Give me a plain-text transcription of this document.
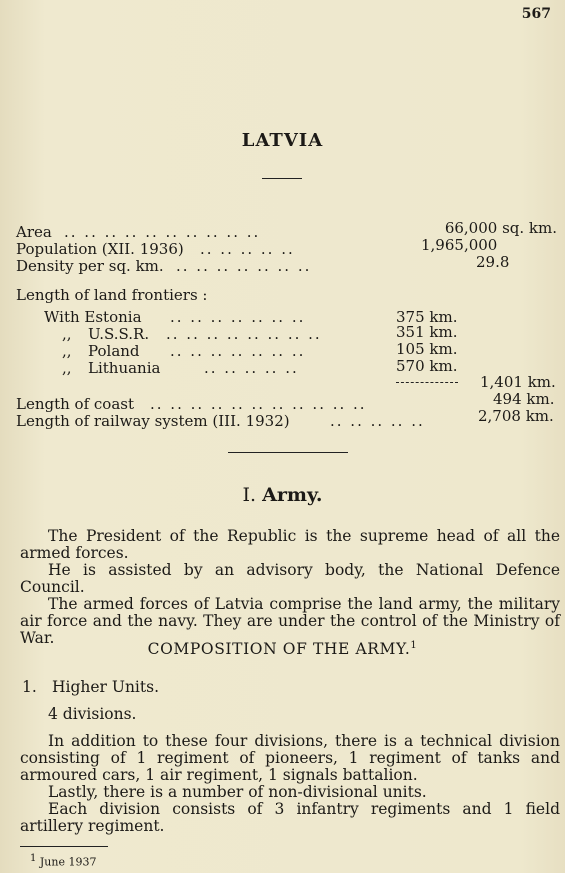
567
LATVIA
Area .. .. .. .. .. .. .. .. .. ..	66,000 sq. km.
Population (XII. 1936) .. .. .. .. ..	1,965,000
Density per sq. km. .. .. .. .. .. .. ..	29.8
Length of land frontiers :
With Estonia .. .. .. .. .. .. ..	375 km.
,, U.S.S.R. .. .. .. .. .. .. .. ..	351 km.
,, Poland .. .. .. .. .. .. ..	105 km.
,, Lithuania	.. .. .. .. ..	570 km.
1,401 km.
Length of coast .. .. .. .. .. .. .. .. .. .. ..	494 km.
Length of railway system (III. 1932)	.. .. .. .. ..	2,708 km.
I. Army.

The President of the Republic is the supreme head of all the armed forces.

He is assisted by an advisory body, the National Defence Council.

The armed forces of Latvia comprise the land army, the military air force and the navy. They are under the control of the Ministry of War.

COMPOSITION OF THE ARMY.$^1$
1. Higher Units.
4 divisions.

In addition to these four divisions, there is a technical division consisting of 1 regiment of pioneers, 1 regiment of tanks and armoured cars, 1 air regiment, 1 signals battalion.

Lastly, there is a number of non-divisional units.

Each division consists of 3 infantry regiments and 1 field artillery regiment.

$^1$ June 1937
